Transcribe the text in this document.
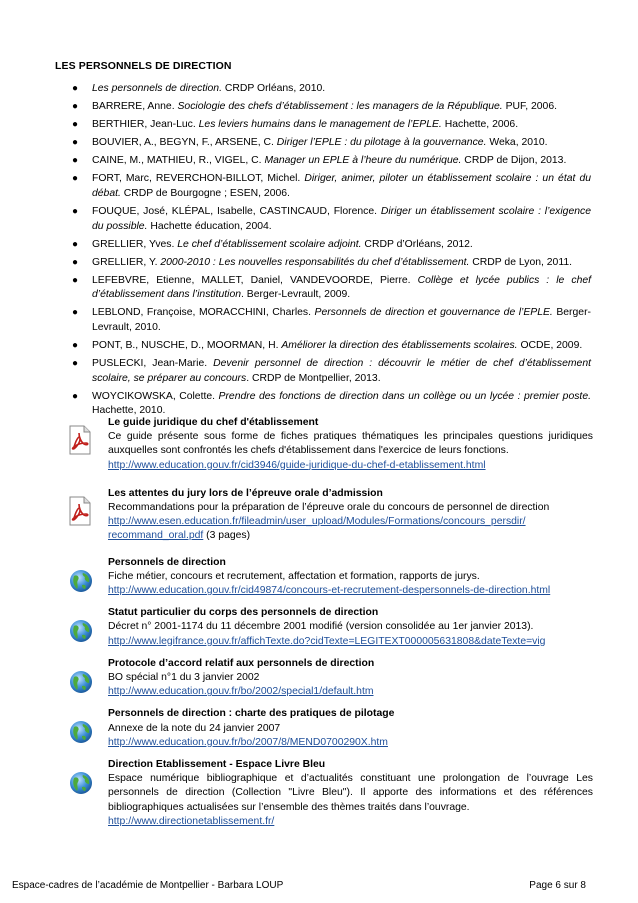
LES PERSONNELS DE DIRECTION
● Les personnels de direction. CRDP Orléans, 2010.
● BARRERE, Anne. Sociologie des chefs d’établissement : les managers de la République. PUF, 2006.
● BERTHIER, Jean-Luc. Les leviers humains dans le management de l’EPLE. Hachette, 2006.
● BOUVIER, A., BEGYN, F., ARSENE, C. Diriger l’EPLE : du pilotage à la gouvernance. Weka, 2010.
● CAINE, M., MATHIEU, R., VIGEL, C. Manager un EPLE à l’heure du numérique. CRDP de Dijon, 2013.
● FORT, Marc, REVERCHON-BILLOT, Michel. Diriger, animer, piloter un établissement scolaire : un état du débat. CRDP de Bourgogne ; ESEN, 2006.
● FOUQUE, José, KLÉPAL, Isabelle, CASTINCAUD, Florence. Diriger un établissement scolaire : l’exigence du possible. Hachette éducation, 2004.
● GRELLIER, Yves. Le chef d’établissement scolaire adjoint. CRDP d’Orléans, 2012.
● GRELLIER, Y. 2000-2010 : Les nouvelles responsabilités du chef d’établissement. CRDP de Lyon, 2011.
● LEFEBVRE, Etienne, MALLET, Daniel, VANDEVOORDE, Pierre. Collège et lycée publics : le chef d’établissement dans l’institution. Berger-Levrault, 2009.
● LEBLOND, Françoise, MORACCHINI, Charles. Personnels de direction et gouvernance de l’EPLE. Berger-Levrault, 2010.
● PONT, B., NUSCHE, D., MOORMAN, H. Améliorer la direction des établissements scolaires. OCDE, 2009.
● PUSLECKI, Jean-Marie. Devenir personnel de direction : découvrir le métier de chef d’établissement scolaire, se préparer au concours. CRDP de Montpellier, 2013.
● WOYCIKOWSKA, Colette. Prendre des fonctions de direction dans un collège ou un lycée : premier poste. Hachette, 2010.
Le guide juridique du chef d'établissement
Ce guide présente sous forme de fiches pratiques thématiques les principales questions juridiques auxquelles sont confrontés les chefs d'établissement dans l'exercice de leurs fonctions.
http://www.education.gouv.fr/cid3946/guide-juridique-du-chef-d-etablissement.html
Les attentes du jury lors de l’épreuve orale d’admission
Recommandations pour la préparation de l’épreuve orale du concours de personnel de direction
http://www.esen.education.fr/fileadmin/user_upload/Modules/Formations/concours_persdir/
recommand_oral.pdf (3 pages)
Personnels de direction
Fiche métier, concours et recrutement, affectation et formation, rapports de jurys.
http://www.education.gouv.fr/cid49874/concours-et-recrutement-despersonnels-de-direction.html
Statut particulier du corps des personnels de direction
Décret n° 2001-1174 du 11 décembre 2001 modifié (version consolidée au 1er janvier 2013).
http://www.legifrance.gouv.fr/affichTexte.do?cidTexte=LEGITEXT000005631808&dateTexte=vig
Protocole d’accord relatif aux personnels de direction
BO spécial n°1 du 3 janvier 2002
http://www.education.gouv.fr/bo/2002/special1/default.htm
Personnels de direction : charte des pratiques de pilotage
Annexe de la note du 24 janvier 2007
http://www.education.gouv.fr/bo/2007/8/MEND0700290X.htm
Direction Etablissement - Espace Livre Bleu
Espace numérique bibliographique et d’actualités constituant une prolongation de l’ouvrage Les personnels de direction (Collection "Livre Bleu"). Il apporte des informations et des références bibliographiques actualisées sur l’ensemble des thèmes traités dans l’ouvrage.
http://www.directionetablissement.fr/
Espace-cadres de l’académie de Montpellier - Barbara LOUP	Page 6 sur 8
